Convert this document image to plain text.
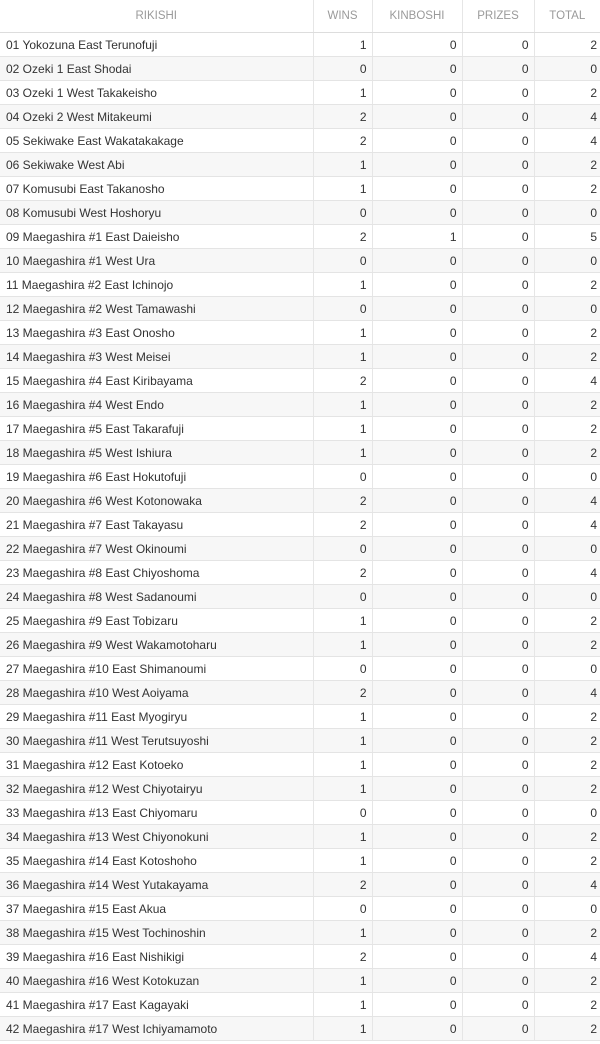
RIKISHI	WINS	KINBOSHI	PRIZES	TOTAL
01 Yokozuna East Terunofuji	1	0	0	2
02 Ozeki 1 East Shodai	0	0	0	0
03 Ozeki 1 West Takakeisho	1	0	0	2
04 Ozeki 2 West Mitakeumi	2	0	0	4
05 Sekiwake East Wakatakakage	2	0	0	4
06 Sekiwake West Abi	1	0	0	2
07 Komusubi East Takanosho	1	0	0	2
08 Komusubi West Hoshoryu	0	0	0	0
09 Maegashira #1 East Daieisho	2	1	0	5
10 Maegashira #1 West Ura	0	0	0	0
11 Maegashira #2 East Ichinojo	1	0	0	2
12 Maegashira #2 West Tamawashi	0	0	0	0
13 Maegashira #3 East Onosho	1	0	0	2
14 Maegashira #3 West Meisei	1	0	0	2
15 Maegashira #4 East Kiribayama	2	0	0	4
16 Maegashira #4 West Endo	1	0	0	2
17 Maegashira #5 East Takarafuji	1	0	0	2
18 Maegashira #5 West Ishiura	1	0	0	2
19 Maegashira #6 East Hokutofuji	0	0	0	0
20 Maegashira #6 West Kotonowaka	2	0	0	4
21 Maegashira #7 East Takayasu	2	0	0	4
22 Maegashira #7 West Okinoumi	0	0	0	0
23 Maegashira #8 East Chiyoshoma	2	0	0	4
24 Maegashira #8 West Sadanoumi	0	0	0	0
25 Maegashira #9 East Tobizaru	1	0	0	2
26 Maegashira #9 West Wakamotoharu	1	0	0	2
27 Maegashira #10 East Shimanoumi	0	0	0	0
28 Maegashira #10 West Aoiyama	2	0	0	4
29 Maegashira #11 East Myogiryu	1	0	0	2
30 Maegashira #11 West Terutsuyoshi	1	0	0	2
31 Maegashira #12 East Kotoeko	1	0	0	2
32 Maegashira #12 West Chiyotairyu	1	0	0	2
33 Maegashira #13 East Chiyomaru	0	0	0	0
34 Maegashira #13 West Chiyonokuni	1	0	0	2
35 Maegashira #14 East Kotoshoho	1	0	0	2
36 Maegashira #14 West Yutakayama	2	0	0	4
37 Maegashira #15 East Akua	0	0	0	0
38 Maegashira #15 West Tochinoshin	1	0	0	2
39 Maegashira #16 East Nishikigi	2	0	0	4
40 Maegashira #16 West Kotokuzan	1	0	0	2
41 Maegashira #17 East Kagayaki	1	0	0	2
42 Maegashira #17 West Ichiyamamoto	1	0	0	2
